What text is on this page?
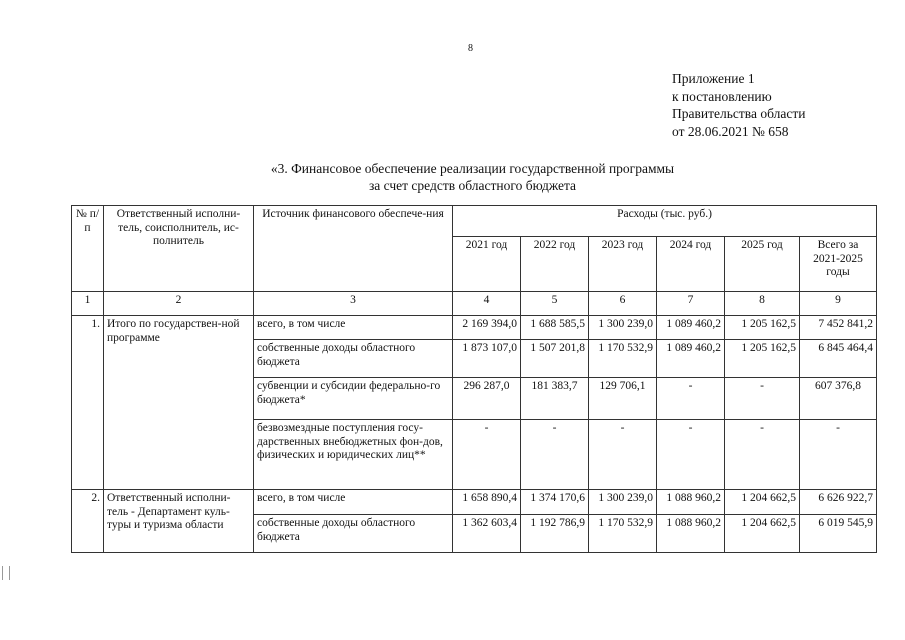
8
Приложение 1
к постановлению
Правительства области
от 28.06.2021 № 658
«3. Финансовое обеспечение реализации государственной программы
за счет средств областного бюджета
№ п/п	Ответственный исполни-тель, соисполнитель, ис-полнитель	Источник финансового обеспече-ния	Расходы (тыс. руб.)					
			2021 год	2022 год	2023 год	2024 год	2025 год	Всего за 2021-2025 годы
1	2	3	4	5	6	7	8	9
1.	Итого по государствен-ной программе	всего, в том числе	2 169 394,0	1 688 585,5	1 300 239,0	1 089 460,2	1 205 162,5	7 452 841,2
		собственные доходы областного бюджета	1 873 107,0	1 507 201,8	1 170 532,9	1 089 460,2	1 205 162,5	6 845 464,4
		субвенции и субсидии федерально-го бюджета*	296 287,0	181 383,7	129 706,1	-	-	607 376,8
		безвозмездные поступления госу-дарственных внебюджетных фон-дов, физических и юридических лиц**	-	-	-	-	-	-
2.	Ответственный исполни-тель - Департамент куль-туры и туризма области	всего, в том числе	1 658 890,4	1 374 170,6	1 300 239,0	1 088 960,2	1 204 662,5	6 626 922,7
		собственные доходы областного бюджета	1 362 603,4	1 192 786,9	1 170 532,9	1 088 960,2	1 204 662,5	6 019 545,9
